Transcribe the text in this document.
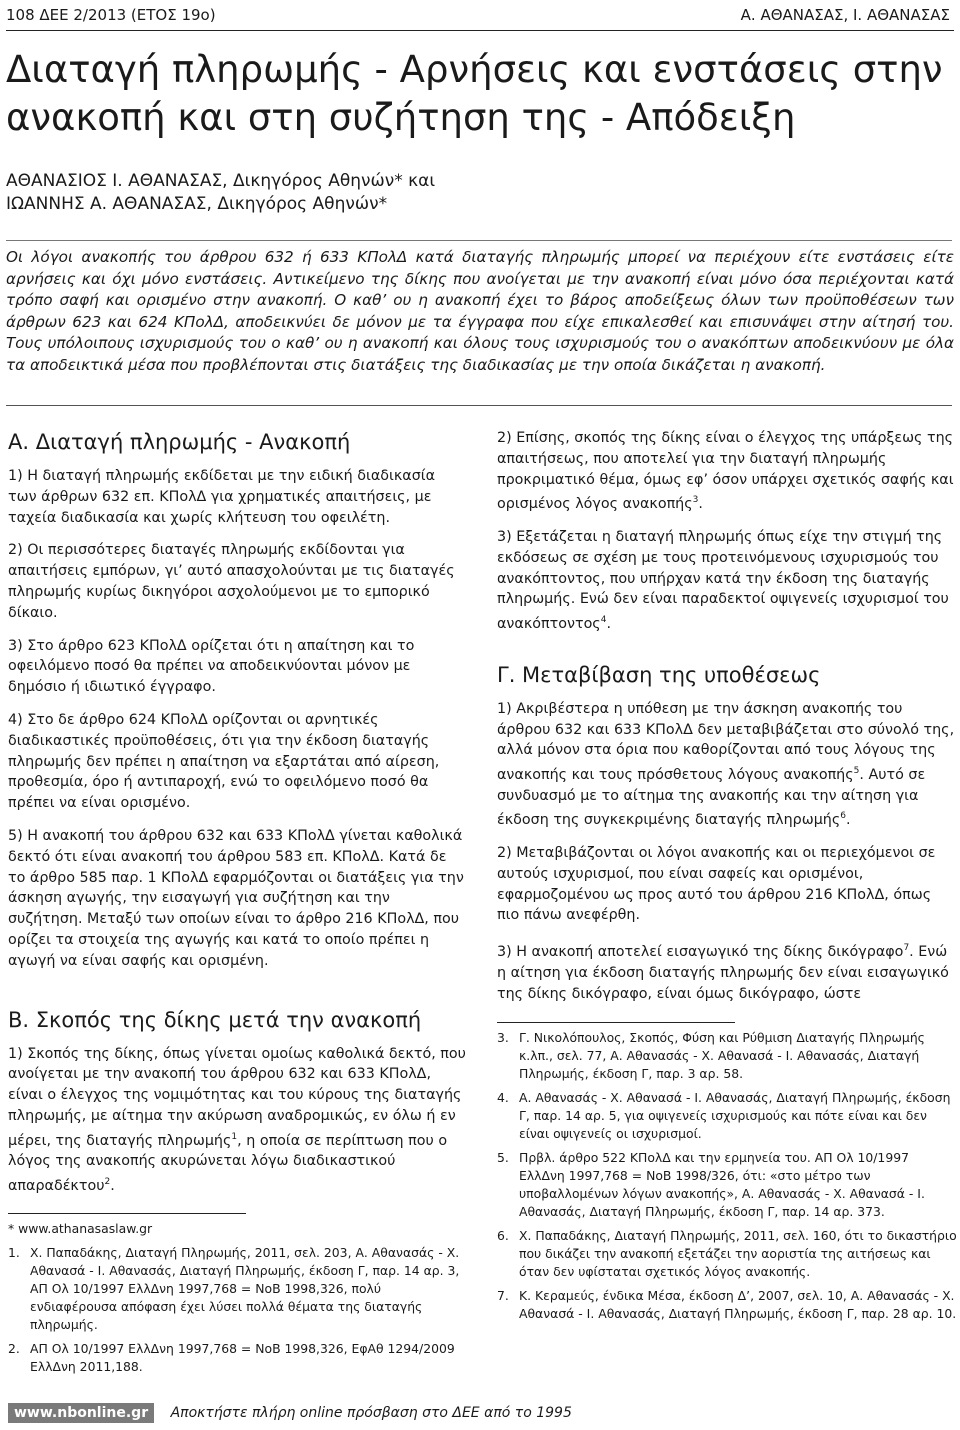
108 ΔΕΕ 2/2013 (ΕΤΟΣ 19ο)	Α. ΑΘΑΝΑΣΑΣ, Ι. ΑΘΑΝΑΣΑΣ
Διαταγή πληρωμής - Αρνήσεις και ενστάσεις στην ανακοπή και στη συζήτηση της - Απόδειξη
ΑΘΑΝΑΣΙΟΣ Ι. ΑΘΑΝΑΣΑΣ, Δικηγόρος Αθηνών* και
ΙΩΑΝΝΗΣ Α. ΑΘΑΝΑΣΑΣ, Δικηγόρος Αθηνών*

Οι λόγοι ανακοπής του άρθρου 632 ή 633 ΚΠολΔ κατά διαταγής πληρωμής μπορεί να περιέχουν είτε ενστάσεις είτε αρνήσεις και όχι μόνο ενστάσεις. Αντικείμενο της δίκης που ανοίγεται με την ανακοπή είναι μόνο όσα περιέχονται κατά τρόπο σαφή και ορισμένο στην ανακοπή. Ο καθ’ ου η ανακοπή έχει το βάρος αποδείξεως όλων των προϋποθέσεων των άρθρων 623 και 624 ΚΠολΔ, αποδεικνύει δε μόνον με τα έγγραφα που είχε επικαλεσθεί και επισυνάψει στην αίτησή του. Τους υπόλοιπους ισχυρισμούς του ο καθ’ ου η ανακοπή και όλους τους ισχυρισμούς του ο ανακόπτων αποδεικνύουν με όλα τα αποδεικτικά μέσα που προβλέπονται στις διατάξεις της διαδικασίας με την οποία δικάζεται η ανακοπή.

Α. Διαταγή πληρωμής - Ανακοπή

1) Η διαταγή πληρωμής εκδίδεται με την ειδική διαδικασία των άρθρων 632 επ. ΚΠολΔ για χρηματικές απαιτήσεις, με ταχεία διαδικασία και χωρίς κλήτευση του οφειλέτη.

2) Οι περισσότερες διαταγές πληρωμής εκδίδονται για απαιτήσεις εμπόρων, γι’ αυτό απασχολούνται με τις διαταγές πληρωμής κυρίως δικηγόροι ασχολούμενοι με το εμπορικό δίκαιο.

3) Στο άρθρο 623 ΚΠολΔ ορίζεται ότι η απαίτηση και το οφειλόμενο ποσό θα πρέπει να αποδεικνύονται μόνον με δημόσιο ή ιδιωτικό έγγραφο.

4) Στο δε άρθρο 624 ΚΠολΔ ορίζονται οι αρνητικές διαδικαστικές προϋποθέσεις, ότι για την έκδοση διαταγής πληρωμής δεν πρέπει η απαίτηση να εξαρτάται από αίρεση, προθεσμία, όρο ή αντιπαροχή, ενώ το οφειλόμενο ποσό θα πρέπει να είναι ορισμένο.

5) Η ανακοπή του άρθρου 632 και 633 ΚΠολΔ γίνεται καθολικά δεκτό ότι είναι ανακοπή του άρθρου 583 επ. ΚΠολΔ. Κατά δε το άρθρο 585 παρ. 1 ΚΠολΔ εφαρμόζονται οι διατάξεις για την άσκηση αγωγής, την εισαγωγή για συζήτηση και την συζήτηση. Μεταξύ των οποίων είναι το άρθρο 216 ΚΠολΔ, που ορίζει τα στοιχεία της αγωγής και κατά το οποίο πρέπει η αγωγή να είναι σαφής και ορισμένη.

Β. Σκοπός της δίκης μετά την ανακοπή

1) Σκοπός της δίκης, όπως γίνεται ομοίως καθολικά δεκτό, που ανοίγεται με την ανακοπή του άρθρου 632 και 633 ΚΠολΔ, είναι ο έλεγχος της νομιμότητας και του κύρους της διαταγής πληρωμής, με αίτημα την ακύρωση αναδρομικώς, εν όλω ή εν μέρει, της διαταγής πληρωμής$^1$, η οποία σε περίπτωση που ο λόγος της ανακοπής ακυρώνεται λόγω διαδικαστικού απαραδέκτου$^2$.

* www.athanasaslaw.gr
1. Χ. Παπαδάκης, Διαταγή Πληρωμής, 2011, σελ. 203, Α. Αθανασάς - Χ. Αθανασά - Ι. Αθανασάς, Διαταγή Πληρωμής, έκδοση Γ, παρ. 14 αρ. 3, ΑΠ Ολ 10/1997 ΕλλΔνη 1997,768 = ΝοΒ 1998,326, πολύ ενδιαφέρουσα απόφαση έχει λύσει πολλά θέματα της διαταγής πληρωμής.
2. ΑΠ Ολ 10/1997 ΕλλΔνη 1997,768 = ΝοΒ 1998,326, ΕφΑθ 1294/2009 ΕλλΔνη 2011,188.

2) Επίσης, σκοπός της δίκης είναι ο έλεγχος της υπάρξεως της απαιτήσεως, που αποτελεί για την διαταγή πληρωμής προκριματικό θέμα, όμως εφ’ όσον υπάρχει σχετικός σαφής και ορισμένος λόγος ανακοπής$^3$.

3) Εξετάζεται η διαταγή πληρωμής όπως είχε την στιγμή της εκδόσεως σε σχέση με τους προτεινόμενους ισχυρισμούς του ανακόπτοντος, που υπήρχαν κατά την έκδοση της διαταγής πληρωμής. Ενώ δεν είναι παραδεκτοί οψιγενείς ισχυρισμοί του ανακόπτοντος$^4$.

Γ. Μεταβίβαση της υποθέσεως

1) Ακριβέστερα η υπόθεση με την άσκηση ανακοπής του άρθρου 632 και 633 ΚΠολΔ δεν μεταβιβάζεται στο σύνολό της, αλλά μόνον στα όρια που καθορίζονται από τους λόγους της ανακοπής και τους πρόσθετους λόγους ανακοπής$^5$. Αυτό σε συνδυασμό με το αίτημα της ανακοπής και την αίτηση για έκδοση της συγκεκριμένης διαταγής πληρωμής$^6$.

2) Μεταβιβάζονται οι λόγοι ανακοπής και οι περιεχόμενοι σε αυτούς ισχυρισμοί, που είναι σαφείς και ορισμένοι, εφαρμοζομένου ως προς αυτό του άρθρου 216 ΚΠολΔ, όπως πιο πάνω ανεφέρθη.

3) Η ανακοπή αποτελεί εισαγωγικό της δίκης δικόγραφο$^7$. Ενώ η αίτηση για έκδοση διαταγής πληρωμής δεν είναι εισαγωγικό της δίκης δικόγραφο, είναι όμως δικόγραφο, ώστε

3. Γ. Νικολόπουλος, Σκοπός, Φύση και Ρύθμιση Διαταγής Πληρωμής κ.λπ., σελ. 77, Α. Αθανασάς - Χ. Αθανασά - Ι. Αθανασάς, Διαταγή Πληρωμής, έκδοση Γ, παρ. 3 αρ. 58.
4. Α. Αθανασάς - Χ. Αθανασά - Ι. Αθανασάς, Διαταγή Πληρωμής, έκδοση Γ, παρ. 14 αρ. 5, για οψιγενείς ισχυρισμούς και πότε είναι και δεν είναι οψιγενείς οι ισχυρισμοί.
5. Πρβλ. άρθρο 522 ΚΠολΔ και την ερμηνεία του. ΑΠ Ολ 10/1997 ΕλλΔνη 1997,768 = ΝοΒ 1998/326, ότι: «στο μέτρο των υποβαλλομένων λόγων ανακοπής», Α. Αθανασάς - Χ. Αθανασά - Ι. Αθανασάς, Διαταγή Πληρωμής, έκδοση Γ, παρ. 14 αρ. 373.
6. Χ. Παπαδάκης, Διαταγή Πληρωμής, 2011, σελ. 160, ότι το δικαστήριο που δικάζει την ανακοπή εξετάζει την αοριστία της αιτήσεως και όταν δεν υφίσταται σχετικός λόγος ανακοπής.
7. Κ. Κεραμεύς, ένδικα Μέσα, έκδοση Δ’, 2007, σελ. 10, Α. Αθανασάς - Χ. Αθανασά - Ι. Αθανασάς, Διαταγή Πληρωμής, έκδοση Γ, παρ. 28 αρ. 10.
www.nbonline.gr Αποκτήστε πλήρη online πρόσβαση στο ΔΕΕ από το 1995
